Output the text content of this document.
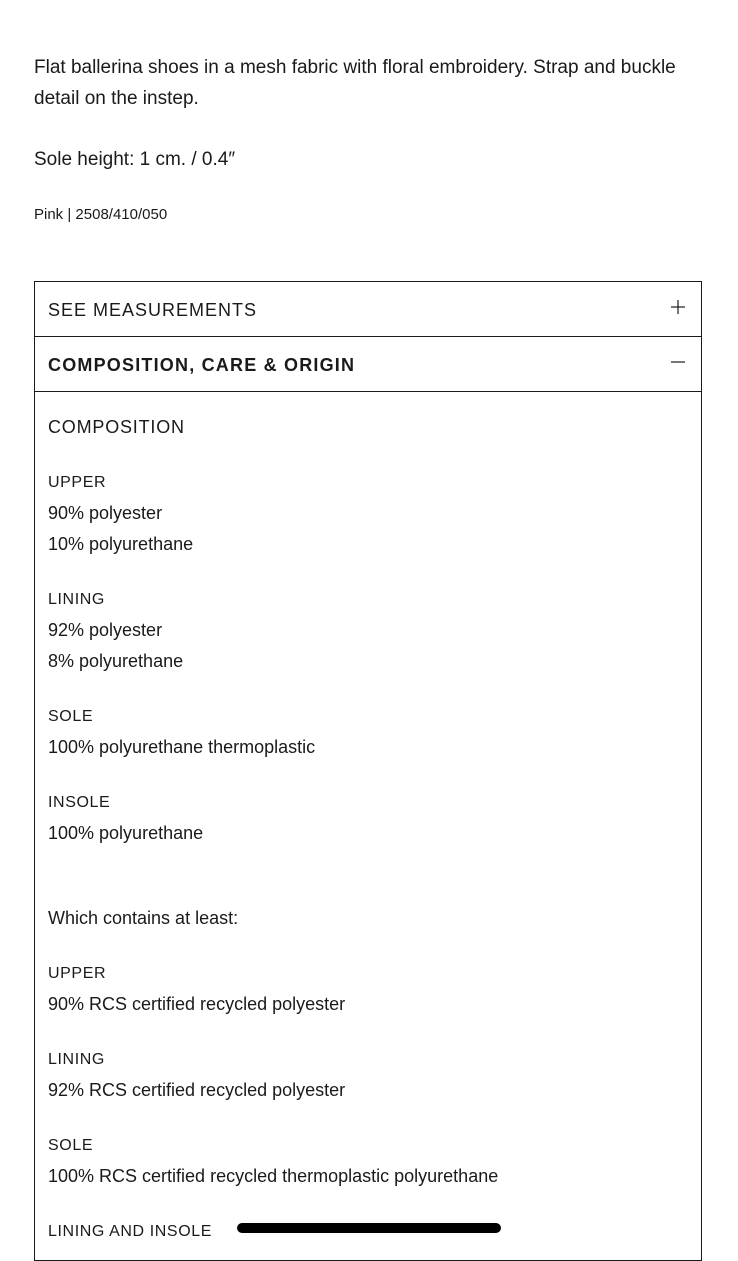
Flat ballerina shoes in a mesh fabric with floral embroidery. Strap and buckle detail on the instep.

Sole height: 1 cm. / 0.4″

Pink | 2508/410/050

SEE MEASUREMENTS
COMPOSITION, CARE & ORIGIN
COMPOSITION
UPPER
90% polyester
10% polyurethane
LINING
92% polyester
8% polyurethane
SOLE
100% polyurethane thermoplastic
INSOLE
100% polyurethane
Which contains at least:
UPPER
90% RCS certified recycled polyester
LINING
92% RCS certified recycled polyester
SOLE
100% RCS certified recycled thermoplastic polyurethane
LINING AND INSOLE
